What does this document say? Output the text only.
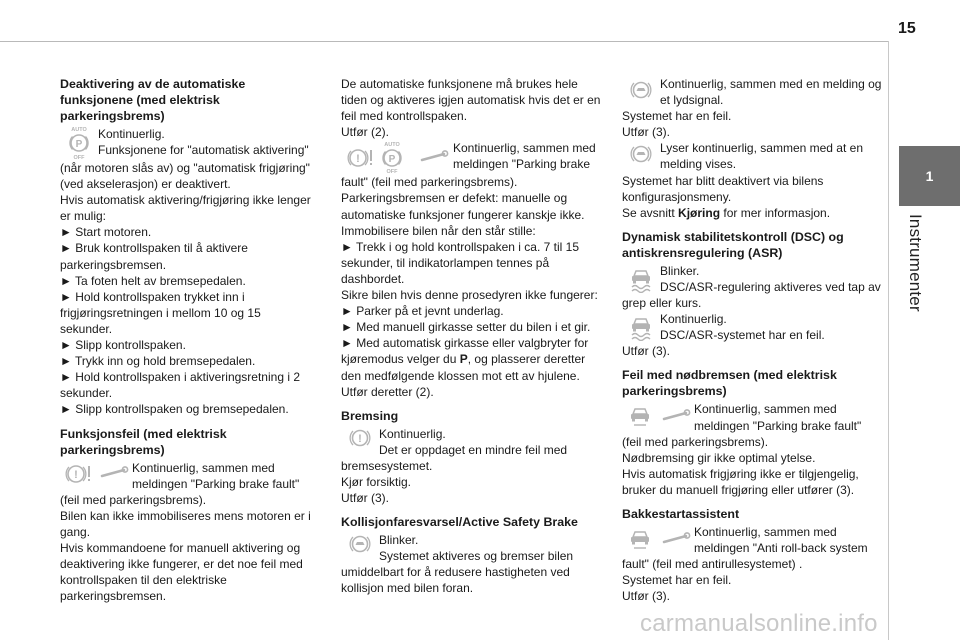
15
1
Instrumenter
Deaktivering av de automatiske funksjonene (med elektrisk parkeringsbrems)
AUTO
P
OFF

Kontinuerlig.

Funksjonene for "automatisk aktivering"

(når motoren slås av) og "automatisk frigjøring" (ved akselerasjon) er deaktivert.

Hvis automatisk aktivering/frigjøring ikke lenger er mulig:

► Start motoren.

► Bruk kontrollspaken til å aktivere parkeringsbremsen.

► Ta foten helt av bremsepedalen.

► Hold kontrollspaken trykket inn i frigjøringsretningen i mellom 10 og 15 sekunder.

► Slipp kontrollspaken.

► Trykk inn og hold bremsepedalen.

► Hold kontrollspaken i aktiveringsretning i 2 sekunder.

► Slipp kontrollspaken og bremsepedalen.

Funksjonsfeil (med elektrisk parkeringsbrems)
!	Kontinuerlig, sammen med meldingen "Parking brake fault"

(feil med parkeringsbrems).

Bilen kan ikke immobiliseres mens motoren er i gang.

Hvis kommandoene for manuell aktivering og deaktivering ikke fungerer, er det noe feil med kontrollspaken til den elektriske parkeringsbremsen.

De automatiske funksjonene må brukes hele tiden og aktiveres igjen automatisk hvis det er en feil med kontrollspaken.

Utfør (2).

!
AUTO
P
OFF

Kontinuerlig, sammen med meldingen "Parking brake

fault" (feil med parkeringsbrems).

Parkeringsbremsen er defekt: manuelle og automatiske funksjoner fungerer kanskje ikke.

Immobilisere bilen når den står stille:

► Trekk i og hold kontrollspaken i ca. 7 til 15 sekunder, til indikatorlampen tennes på dashbordet.

Sikre bilen hvis denne prosedyren ikke fungerer:

► Parker på et jevnt underlag.

► Med manuell girkasse setter du bilen i et gir.

► Med automatisk girkasse eller valgbryter for kjøremodus velger du P, og plasserer deretter den medfølgende klossen mot ett av hjulene.

Utfør deretter (2).

Bremsing
! Kontinuerlig.

Det er oppdaget en mindre feil med

bremsesystemet.

Kjør forsiktig.

Utfør (3).

Kollisjonfaresvarsel/Active Safety Brake

Blinker.

Systemet aktiveres og bremser bilen

umiddelbart for å redusere hastigheten ved kollisjon med bilen foran.

Kontinuerlig, sammen med en melding og et lydsignal.

Systemet har en feil.

Utfør (3).

Lyser kontinuerlig, sammen med at en melding vises.

Systemet har blitt deaktivert via bilens konfigurasjonsmeny.

Se avsnitt Kjøring for mer informasjon.

Dynamisk stabilitetskontroll (DSC) og antiskrensregulering (ASR)

Blinker.

DSC/ASR-regulering aktiveres ved tap av

grep eller kurs.

Kontinuerlig.

DSC/ASR-systemet har en feil.

Utfør (3).

Feil med nødbremsen (med elektrisk parkeringsbrems)

Kontinuerlig, sammen med meldingen "Parking brake fault"

(feil med parkeringsbrems).

Nødbremsing gir ikke optimal ytelse.

Hvis automatisk frigjøring ikke er tilgjengelig, bruker du manuell frigjøring eller utfører (3).

Bakkestartassistent

Kontinuerlig, sammen med meldingen "Anti roll-back system

fault" (feil med antirullesystemet) .

Systemet har en feil.

Utfør (3).

carmanualsonline.info
